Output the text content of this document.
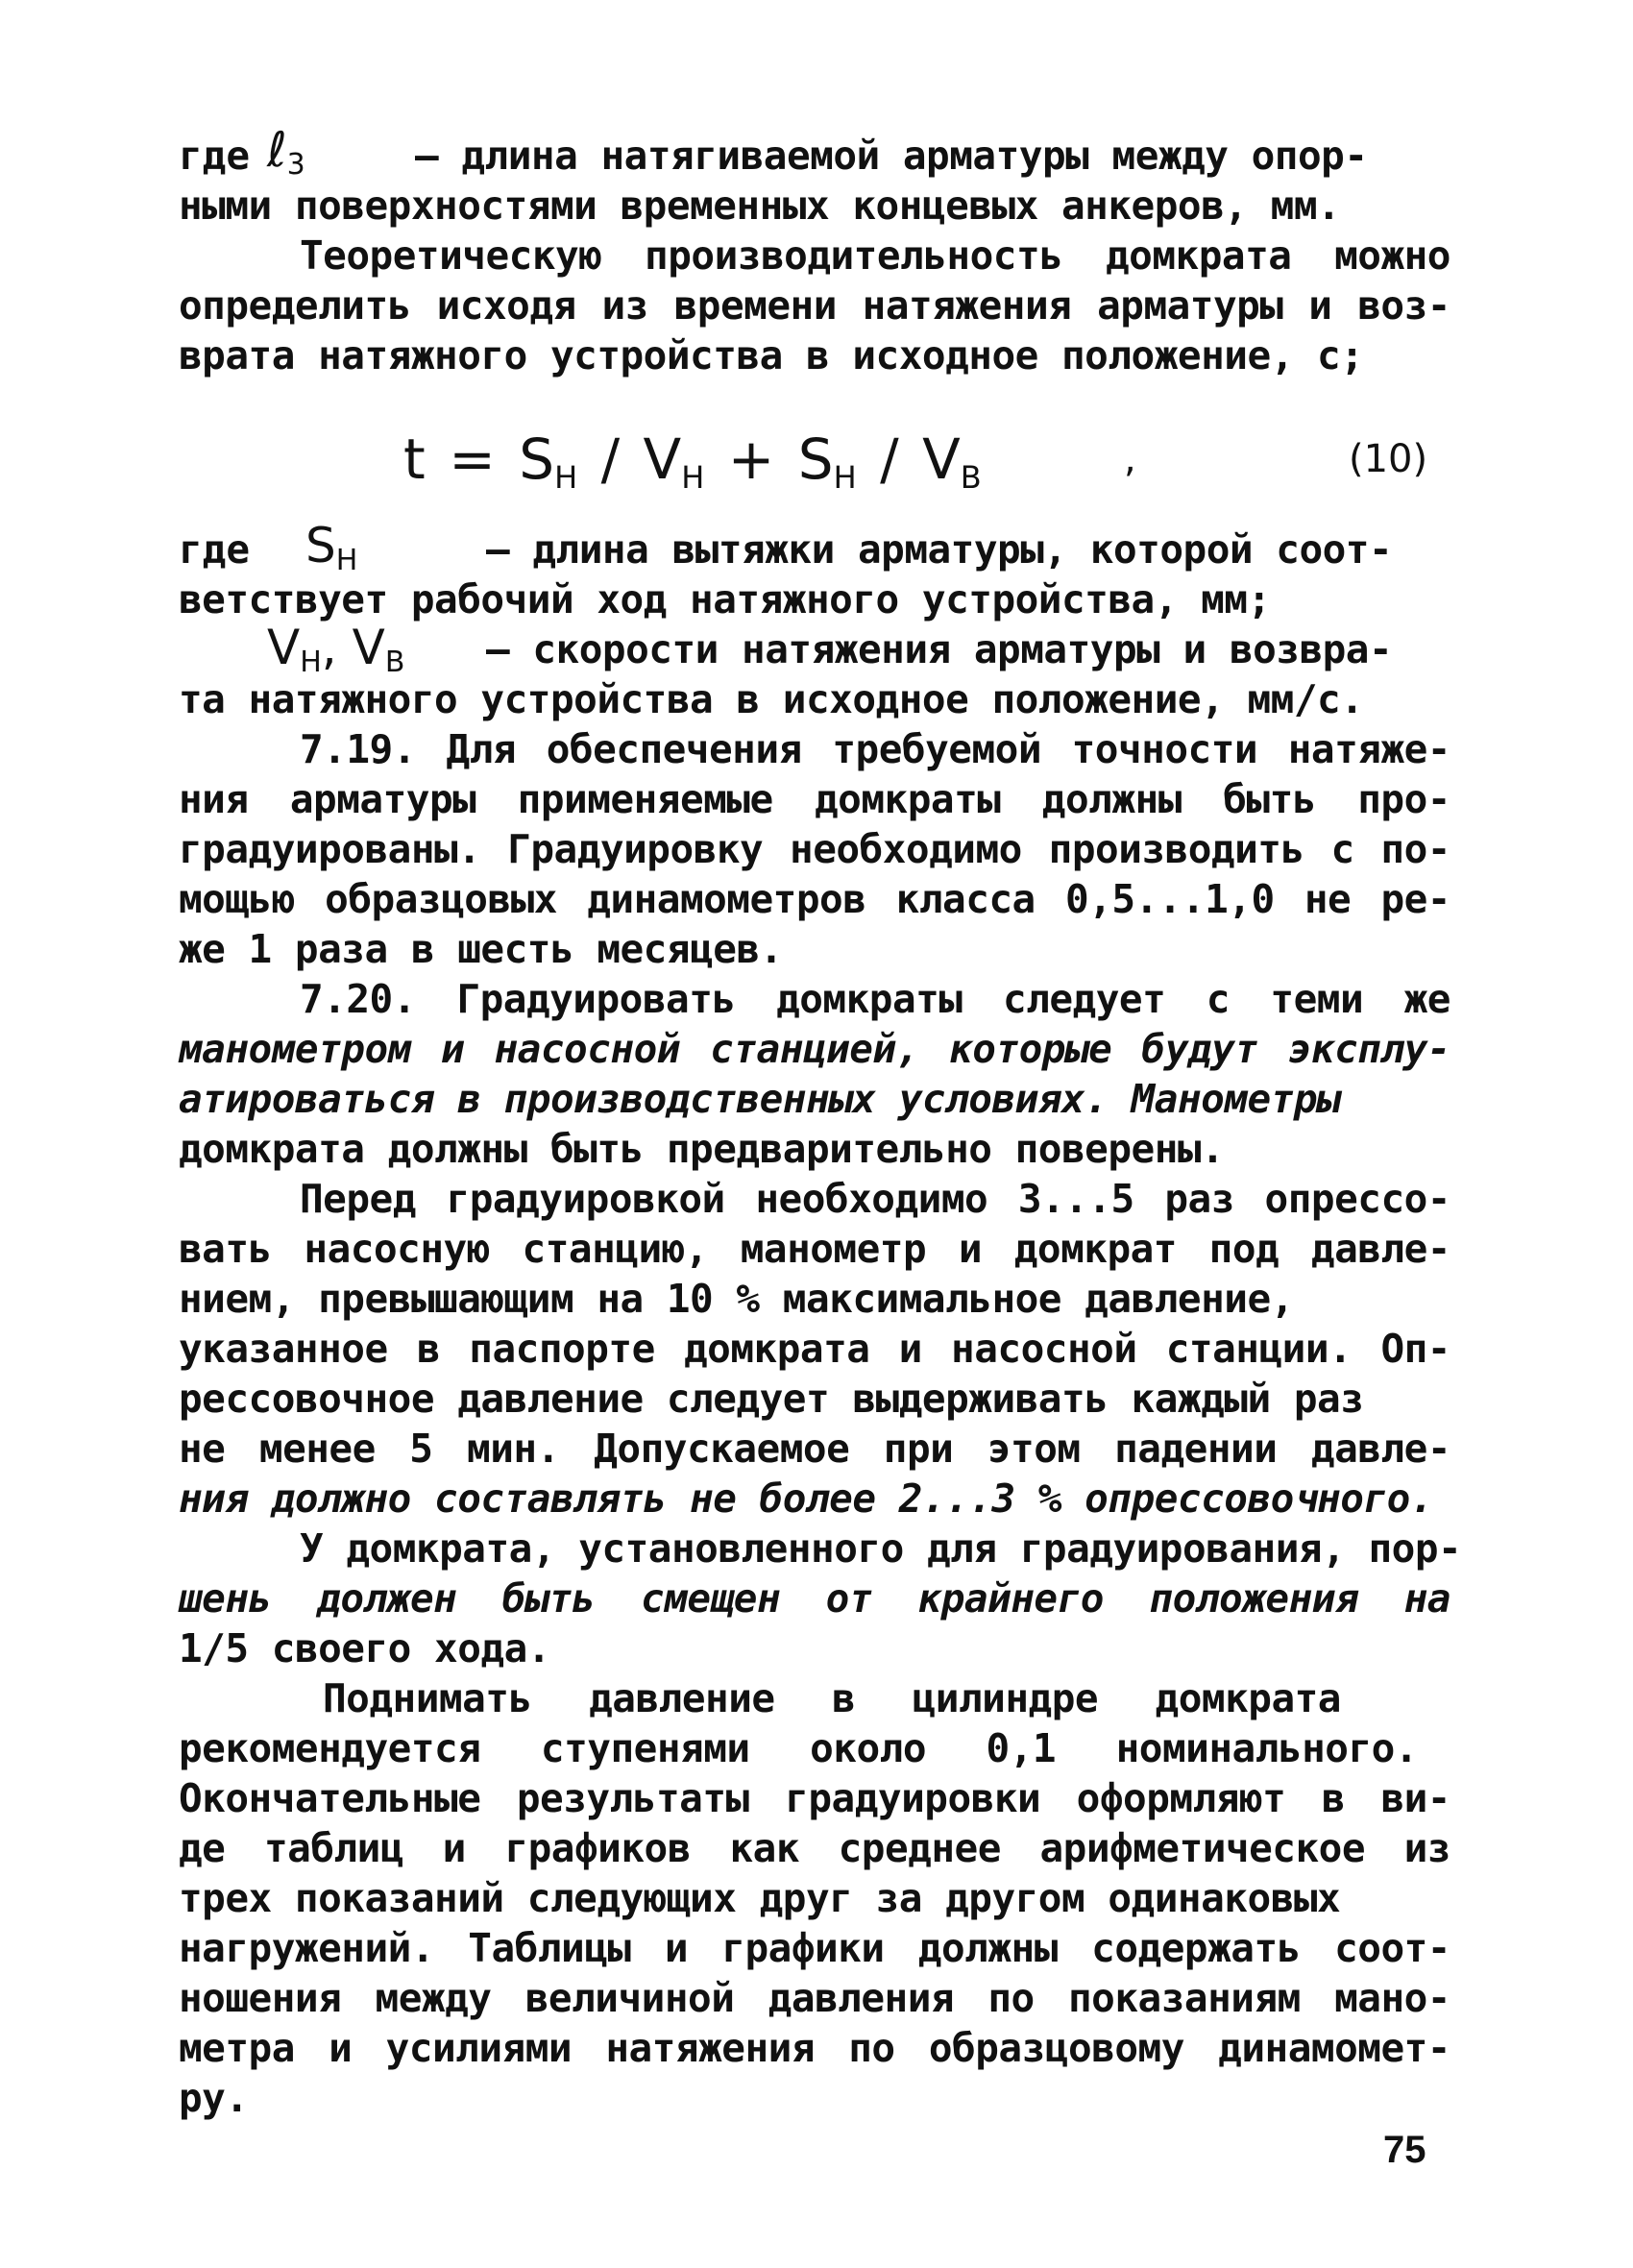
где ℓ$_3$	– длина натягиваемой арматуры между опор-
ными поверхностями временных концевых анкеров, мм.
Теоретическую производительность домкрата можно
определить исходя из времени натяжения арматуры и воз-
врата натяжного устройства в исходное положение, с;
$t = S_H / V_H + S_H / V_B$	,	(10)
где	$S_H$	– длина вытяжки арматуры, которой соот-
ветствует рабочий ход натяжного устройства, мм;
$V_H$, $V_B$ – скорости натяжения арматуры и возвра-
та натяжного устройства в исходное положение, мм/с.
7.19. Для обеспечения требуемой точности натяже-
ния арматуры применяемые домкраты должны быть про-
градуированы. Градуировку необходимо производить с по-
мощью образцовых динамометров класса 0,5...1,0 не ре-
же 1 раза в шесть месяцев.
7.20. Градуировать домкраты следует с теми же
манометром и насосной станцией, которые будут эксплу-
атироваться в производственных условиях. Манометры
домкрата должны быть предварительно поверены.
Перед градуировкой необходимо 3...5 раз опрессо-
вать насосную станцию, манометр и домкрат под давле-
нием, превышающим на 10 % максимальное давление,
указанное в паспорте домкрата и насосной станции. Оп-
рессовочное давление следует выдерживать каждый раз
не менее 5 мин. Допускаемое при этом падении давле-
ния должно составлять не более 2...3 % опрессовочного.
У домкрата, установленного для градуирования, пор-
шень должен быть смещен от крайнего положения на
1/5 своего хода.
Поднимать давление в цилиндре домкрата
рекомендуется ступенями около 0,1 номинального.
Окончательные результаты градуировки оформляют в ви-
де таблиц и графиков как среднее арифметическое из
трех показаний следующих друг за другом одинаковых
нагружений. Таблицы и графики должны содержать соот-
ношения между величиной давления по показаниям мано-
метра и усилиями натяжения по образцовому динамомет-
ру.
75
